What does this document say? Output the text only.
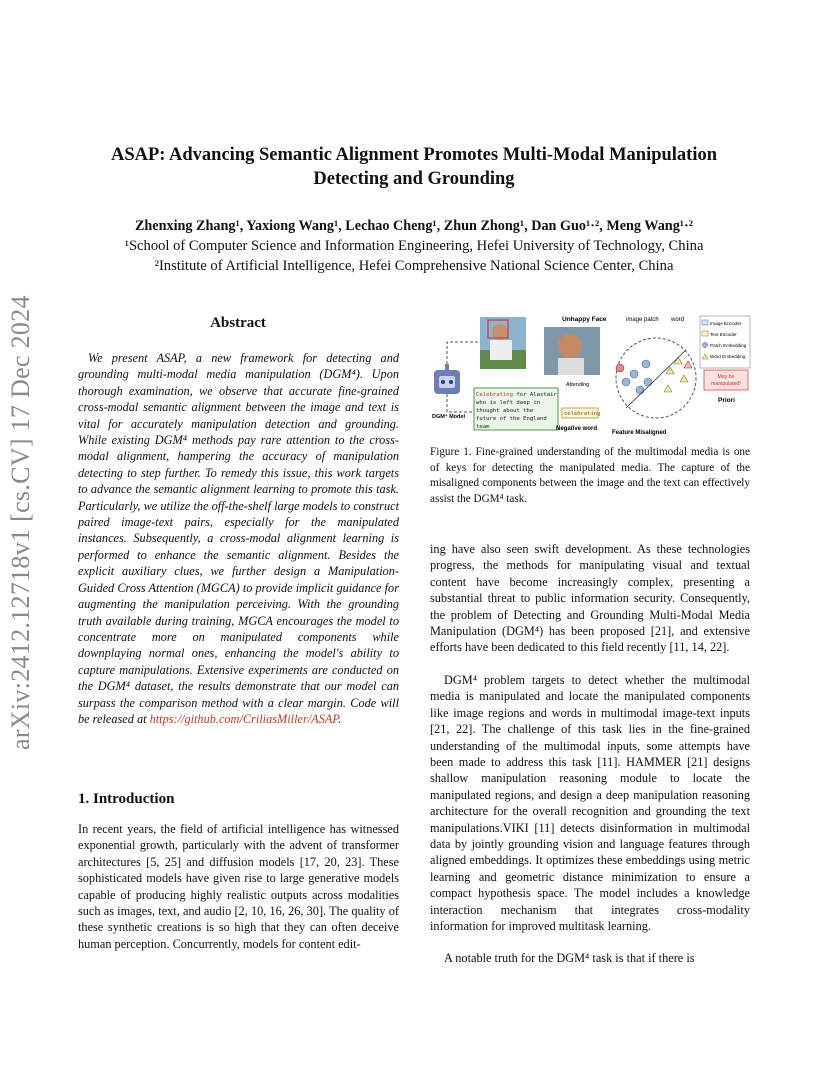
arXiv:2412.12718v1 [cs.CV] 17 Dec 2024
ASAP: Advancing Semantic Alignment Promotes Multi-Modal Manipulation
Detecting and Grounding
Zhenxing Zhang¹, Yaxiong Wang¹, Lechao Cheng¹, Zhun Zhong¹, Dan Guo¹·², Meng Wang¹·²
¹School of Computer Science and Information Engineering, Hefei University of Technology, China
²Institute of Artificial Intelligence, Hefei Comprehensive National Science Center, China
Abstract
We present ASAP, a new framework for detecting and grounding multi-modal media manipulation (DGM⁴). Upon thorough examination, we observe that accurate fine-grained cross-modal semantic alignment between the image and text is vital for accurately manipulation detection and grounding. While existing DGM⁴ methods pay rare attention to the cross-modal alignment, hampering the accuracy of manipulation detecting to step further. To remedy this issue, this work targets to advance the semantic alignment learning to promote this task. Particularly, we utilize the off-the-shelf large models to construct paired image-text pairs, especially for the manipulated instances. Subsequently, a cross-modal alignment learning is performed to enhance the semantic alignment. Besides the explicit auxiliary clues, we further design a Manipulation-Guided Cross Attention (MGCA) to provide implicit guidance for augmenting the manipulation perceiving. With the grounding truth available during training, MGCA encourages the model to concentrate more on manipulated components while downplaying normal ones, enhancing the model's ability to capture manipulations. Extensive experiments are conducted on the DGM⁴ dataset, the results demonstrate that our model can surpass the comparison method with a clear margin. Code will be released at https://github.com/CriliasMiller/ASAP.
1. Introduction
In recent years, the field of artificial intelligence has witnessed exponential growth, particularly with the advent of transformer architectures [5, 25] and diffusion models [17, 20, 23]. These sophisticated models have given rise to large generative models capable of producing highly realistic outputs across modalities such as images, text, and audio [2, 10, 16, 26, 30]. The quality of these synthetic creations is so high that they can often deceive human perception. Concurrently, models for content edit-
Unhappy Face	image patch word
Celebrating for Alastair who is left deep in thought about the future of the England team
DGM⁴ Model
Attending
celebrating
Negative word
Feature Misaligned
Image Encoder
Text Encoder
Patch Embedding
Word Embedding
May be manipulated!
Priori
Figure 1. Fine-grained understanding of the multimodal media is one of keys for detecting the manipulated media. The capture of the misaligned components between the image and the text can effectively assist the DGM⁴ task.
ing have also seen swift development. As these technologies progress, the methods for manipulating visual and textual content have become increasingly complex, presenting a substantial threat to public information security. Consequently, the problem of Detecting and Grounding Multi-Modal Media Manipulation (DGM⁴) has been proposed [21], and extensive efforts have been dedicated to this field recently [11, 14, 22].
DGM⁴ problem targets to detect whether the multimodal media is manipulated and locate the manipulated components like image regions and words in multimodal image-text inputs [21, 22]. The challenge of this task lies in the fine-grained understanding of the multimodal inputs, some attempts have been made to address this task [11]. HAMMER [21] designs shallow manipulation reasoning module to locate the manipulated regions, and design a deep manipulation reasoning architecture for the overall recognition and grounding the text manipulations.VIKI [11] detects disinformation in multimodal data by jointly grounding vision and language features through aligned embeddings. It optimizes these embeddings using metric learning and geometric distance minimization to ensure a compact hypothesis space. The model includes a knowledge interaction mechanism that integrates cross-modality information for improved multitask learning.
A notable truth for the DGM⁴ task is that if there is
